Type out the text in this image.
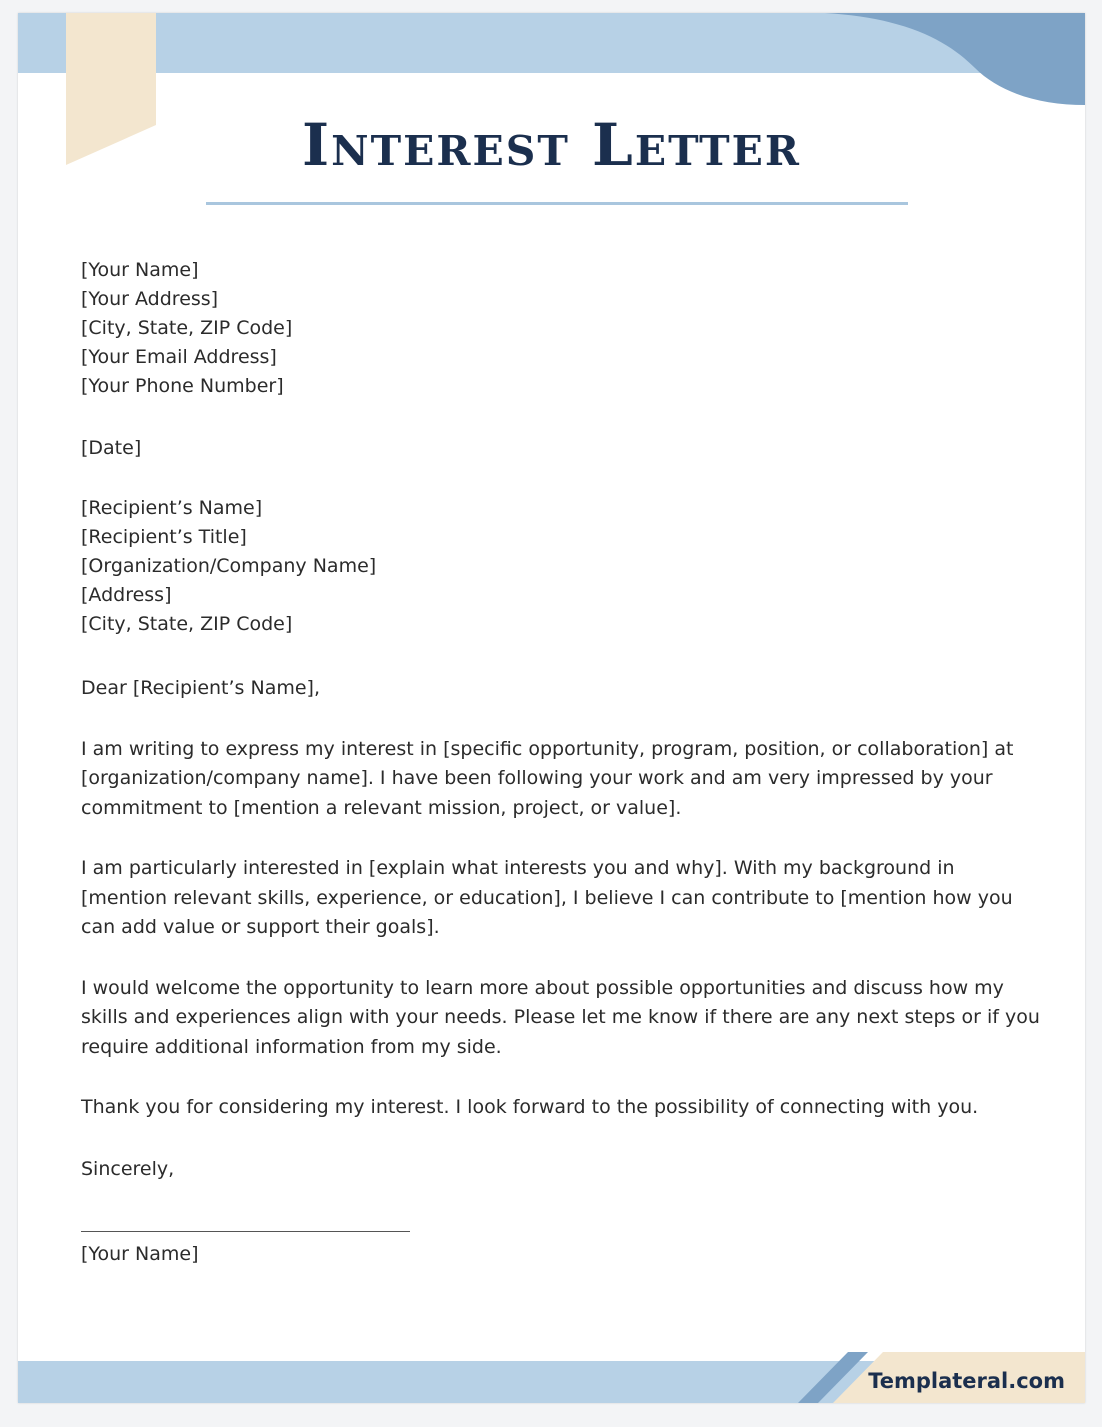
Interest Letter
[Your Name]
[Your Address]
[City, State, ZIP Code]
[Your Email Address]
[Your Phone Number]
[Date]
[Recipient’s Name]
[Recipient’s Title]
[Organization/Company Name]
[Address]
[City, State, ZIP Code]

Dear [Recipient’s Name],

I am writing to express my interest in [specific opportunity, program, position, or collaboration] at [organization/company name]. I have been following your work and am very impressed by your commitment to [mention a relevant mission, project, or value].

I am particularly interested in [explain what interests you and why]. With my background in [mention relevant skills, experience, or education], I believe I can contribute to [mention how you can add value or support their goals].

I would welcome the opportunity to learn more about possible opportunities and discuss how my skills and experiences align with your needs. Please let me know if there are any next steps or if you require additional information from my side.

Thank you for considering my interest. I look forward to the possibility of connecting with you.

Sincerely,

[Your Name]

Templateral.com
